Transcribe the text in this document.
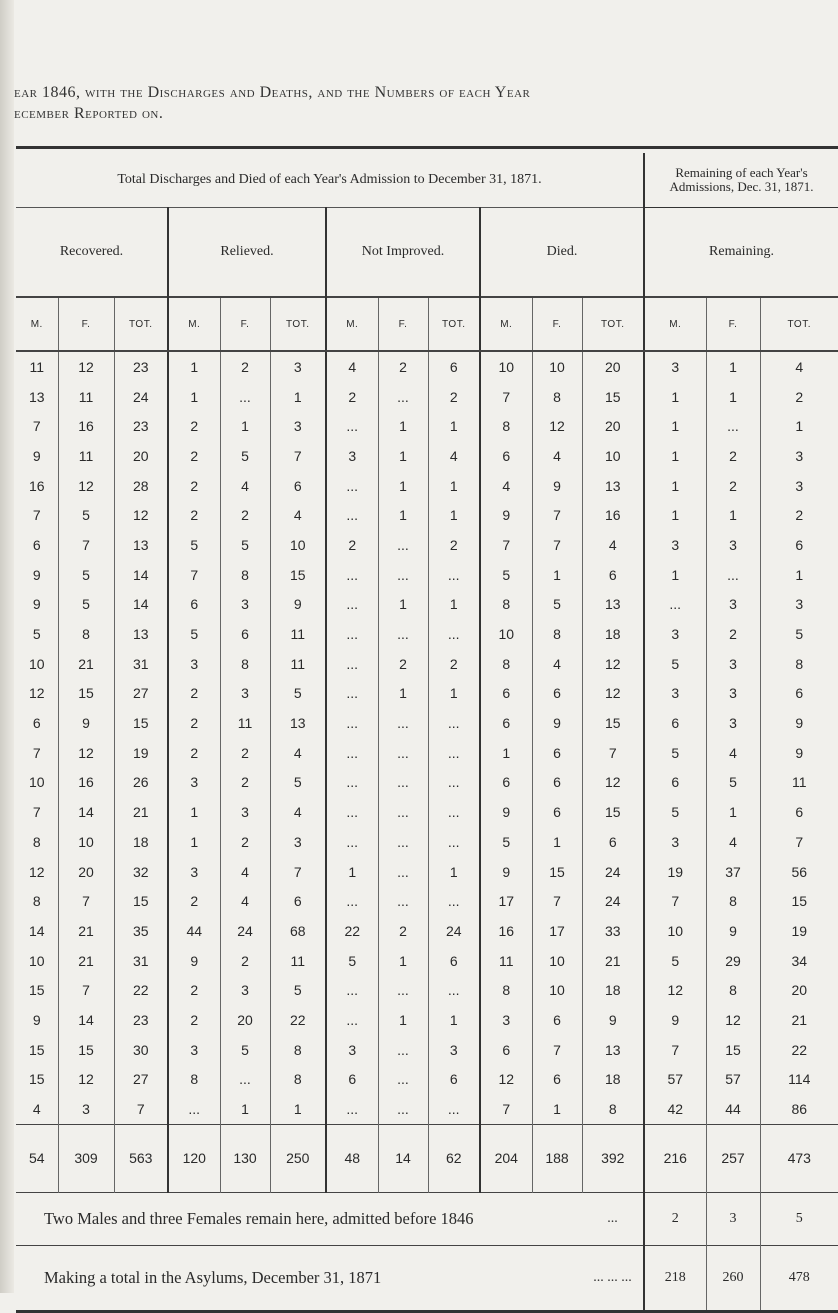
ear 1846, with the Discharges and Deaths, and the Numbers of each Year
ecember Reported on.

Total Discharges and Died of each Year's Admission to December 31, 1871.												Remaining of each Year's Admissions, Dec. 31, 1871.		
Recovered.			Relieved.			Not Improved.			Died.			Remaining.		
M.	F.	TOT.	M.	F.	TOT.	M.	F.	TOT.	M.	F.	TOT.	M.	F.	TOT.
11	12	23	1	2	3	4	2	6	10	10	20	3	1	4
13	11	24	1	...	1	2	...	2	7	8	15	1	1	2
7	16	23	2	1	3	...	1	1	8	12	20	1	...	1
9	11	20	2	5	7	3	1	4	6	4	10	1	2	3
16	12	28	2	4	6	...	1	1	4	9	13	1	2	3
7	5	12	2	2	4	...	1	1	9	7	16	1	1	2
6	7	13	5	5	10	2	...	2	7	7	4	3	3	6
9	5	14	7	8	15	...	...	...	5	1	6	1	...	1
9	5	14	6	3	9	...	1	1	8	5	13	...	3	3
5	8	13	5	6	11	...	...	...	10	8	18	3	2	5
10	21	31	3	8	11	...	2	2	8	4	12	5	3	8
12	15	27	2	3	5	...	1	1	6	6	12	3	3	6
6	9	15	2	11	13	...	...	...	6	9	15	6	3	9
7	12	19	2	2	4	...	...	...	1	6	7	5	4	9
10	16	26	3	2	5	...	...	...	6	6	12	6	5	11
7	14	21	1	3	4	...	...	...	9	6	15	5	1	6
8	10	18	1	2	3	...	...	...	5	1	6	3	4	7
12	20	32	3	4	7	1	...	1	9	15	24	19	37	56
8	7	15	2	4	6	...	...	...	17	7	24	7	8	15
14	21	35	44	24	68	22	2	24	16	17	33	10	9	19
10	21	31	9	2	11	5	1	6	11	10	21	5	29	34
15	7	22	2	3	5	...	...	...	8	10	18	12	8	20
9	14	23	2	20	22	...	1	1	3	6	9	9	12	21
15	15	30	3	5	8	3	...	3	6	7	13	7	15	22
15	12	27	8	...	8	6	...	6	12	6	18	57	57	114
4	3	7	...	1	1	...	...	...	7	1	8	42	44	86
54	309	563	120	130	250	48	14	62	204	188	392	216	257	473
Two Males and three Females remain here, admitted before 1846											...	2	3	5
Making a total in the Asylums, December 31, 1871											... ... ...	218	260	478
